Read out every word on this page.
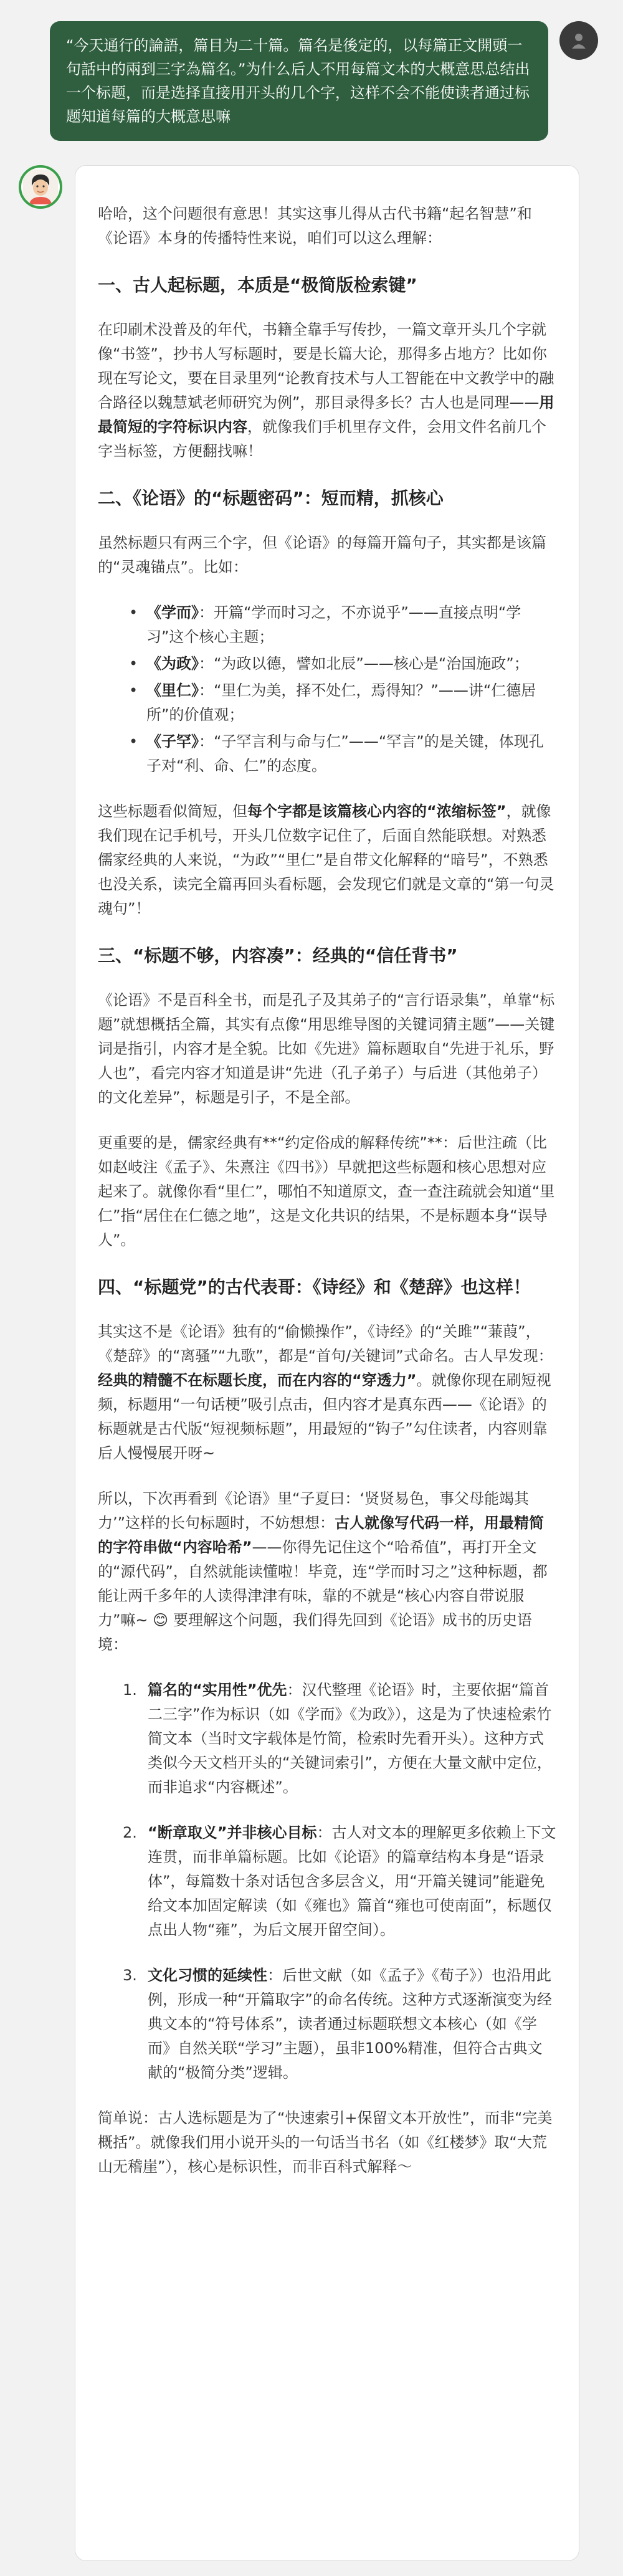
“今天通行的論語，篇目为二十篇。篇名是後定的，以每篇正文開頭一句話中的兩到三字為篇名。”为什么后人不用每篇文本的大概意思总结出一个标题，而是选择直接用开头的几个字，这样不会不能使读者通过标题知道每篇的大概意思嘛

哈哈，这个问题很有意思！其实这事儿得从古代书籍“起名智慧”和《论语》本身的传播特性来说，咱们可以这么理解：

一、古人起标题，本质是“极简版检索键”

在印刷术没普及的年代，书籍全靠手写传抄，一篇文章开头几个字就像“书签”，抄书人写标题时，要是长篇大论，那得多占地方？比如你现在写论文，要在目录里列“论教育技术与人工智能在中文教学中的融合路径以魏慧斌老师研究为例”，那目录得多长？古人也是同理——用最简短的字符标识内容，就像我们手机里存文件，会用文件名前几个字当标签，方便翻找嘛！

二、《论语》的“标题密码”：短而精，抓核心

虽然标题只有两三个字，但《论语》的每篇开篇句子，其实都是该篇的“灵魂锚点”。比如：

• 《学而》：开篇“学而时习之，不亦说乎”——直接点明“学习”这个核心主题；
• 《为政》：“为政以德，譬如北辰”——核心是“治国施政”；
• 《里仁》：“里仁为美，择不处仁，焉得知？”——讲“仁德居所”的价值观；
• 《子罕》：“子罕言利与命与仁”——“罕言”的是关键，体现孔子对“利、命、仁”的态度。

这些标题看似简短，但每个字都是该篇核心内容的“浓缩标签”，就像我们现在记手机号，开头几位数字记住了，后面自然能联想。对熟悉儒家经典的人来说，“为政”“里仁”是自带文化解释的“暗号”，不熟悉也没关系，读完全篇再回头看标题，会发现它们就是文章的“第一句灵魂句”！

三、“标题不够，内容凑”：经典的“信任背书”

《论语》不是百科全书，而是孔子及其弟子的“言行语录集”，单靠“标题”就想概括全篇，其实有点像“用思维导图的关键词猜主题”——关键词是指引，内容才是全貌。比如《先进》篇标题取自“先进于礼乐，野人也”，看完内容才知道是讲“先进（孔子弟子）与后进（其他弟子）的文化差异”，标题是引子，不是全部。

更重要的是，儒家经典有**“约定俗成的解释传统”**：后世注疏（比如赵岐注《孟子》、朱熹注《四书》）早就把这些标题和核心思想对应起来了。就像你看“里仁”，哪怕不知道原文，查一查注疏就会知道“里仁”指“居住在仁德之地”，这是文化共识的结果，不是标题本身“误导人”。

四、“标题党”的古代表哥：《诗经》和《楚辞》也这样！

其实这不是《论语》独有的“偷懒操作”，《诗经》的“关雎”“蒹葭”，《楚辞》的“离骚”“九歌”，都是“首句/关键词”式命名。古人早发现：经典的精髓不在标题长度，而在内容的“穿透力”。就像你现在刷短视频，标题用“一句话梗”吸引点击，但内容才是真东西——《论语》的标题就是古代版“短视频标题”，用最短的“钩子”勾住读者，内容则靠后人慢慢展开呀~

所以，下次再看到《论语》里“子夏曰：‘贤贤易色，事父母能竭其力’”这样的长句标题时，不妨想想：古人就像写代码一样，用最精简的字符串做“内容哈希”——你得先记住这个“哈希值”，再打开全文的“源代码”，自然就能读懂啦！毕竟，连“学而时习之”这种标题，都能让两千多年的人读得津津有味，靠的不就是“核心内容自带说服力”嘛~ 😊 要理解这个问题，我们得先回到《论语》成书的历史语境：

1. 篇名的“实用性”优先：汉代整理《论语》时，主要依据“篇首二三字”作为标识（如《学而》《为政》），这是为了快速检索竹简文本（当时文字载体是竹简，检索时先看开头）。这种方式类似今天文档开头的“关键词索引”，方便在大量文献中定位，而非追求“内容概述”。
2. “断章取义”并非核心目标：古人对文本的理解更多依赖上下文连贯，而非单篇标题。比如《论语》的篇章结构本身是“语录体”，每篇数十条对话包含多层含义，用“开篇关键词”能避免给文本加固定解读（如《雍也》篇首“雍也可使南面”，标题仅点出人物“雍”，为后文展开留空间）。
3. 文化习惯的延续性：后世文献（如《孟子》《荀子》）也沿用此例，形成一种“开篇取字”的命名传统。这种方式逐渐演变为经典文本的“符号体系”，读者通过标题联想文本核心（如《学而》自然关联“学习”主题），虽非100%精准，但符合古典文献的“极简分类”逻辑。

简单说：古人选标题是为了“快速索引+保留文本开放性”，而非“完美概括”。就像我们用小说开头的一句话当书名（如《红楼梦》取“大荒山无稽崖”），核心是标识性，而非百科式解释～
